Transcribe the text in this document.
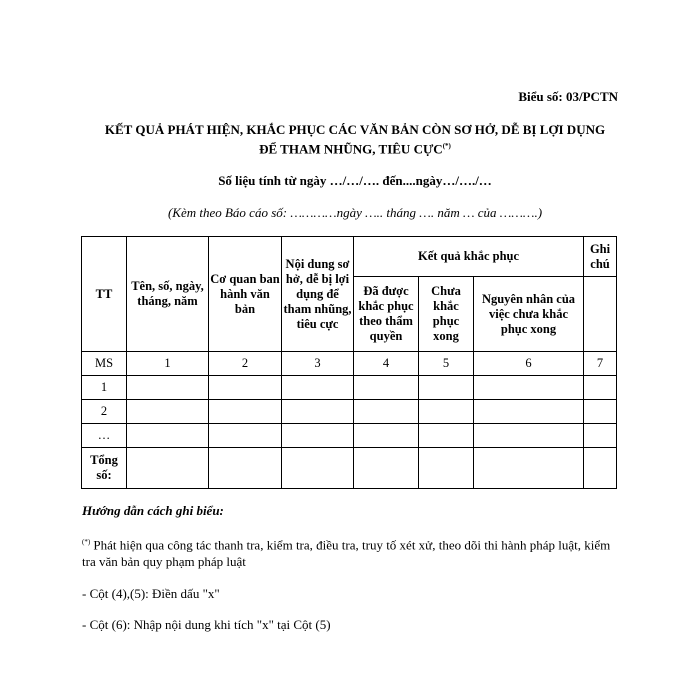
Biểu số: 03/PCTN
KẾT QUẢ PHÁT HIỆN, KHẮC PHỤC CÁC VĂN BẢN CÒN SƠ HỞ, DỄ BỊ LỢI DỤNG
ĐỂ THAM NHŨNG, TIÊU CỰC(*)
Số liệu tính từ ngày …/…/…. đến....ngày…/…./…
(Kèm theo Báo cáo số: …………ngày ….. tháng …. năm … của ……….)
TT	Tên, số, ngày, tháng, năm	Cơ quan ban hành văn bản	Nội dung sơ hở, dễ bị lợi dụng để tham nhũng, tiêu cực	Kết quả khắc phục			Ghi chú
				Đã được khắc phục theo thẩm quyền	Chưa khắc phục xong	Nguyên nhân của việc chưa khắc phục xong	
MS	1	2	3	4	5	6	7
1							
2							
…							
Tổng số:							
Hướng dẫn cách ghi biểu:
(*) Phát hiện qua công tác thanh tra, kiểm tra, điều tra, truy tố xét xử, theo dõi thi hành pháp luật, kiểm tra văn bản quy phạm pháp luật
- Cột (4),(5): Điền dấu "x"
- Cột (6): Nhập nội dung khi tích "x" tại Cột (5)
